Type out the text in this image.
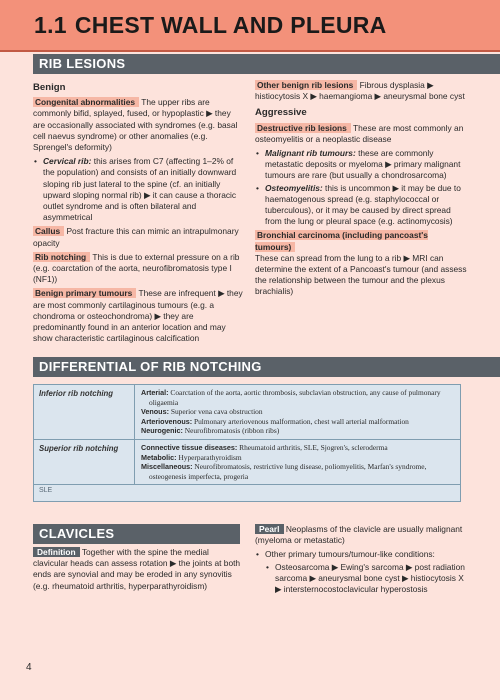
1.1 CHEST WALL AND PLEURA
RIB LESIONS
Benign

Congenital abnormalities The upper ribs are commonly bifid, splayed, fused, or hypoplastic ▶ they are occasionally associated with syndromes (e.g. basal cell naevus syndrome) or other anomalies (e.g. Sprengel's deformity)

• Cervical rib: this arises from C7 (affecting 1–2% of the population) and consists of an initially downward sloping rib just lateral to the spine (cf. an initially upward sloping normal rib) ▶ it can cause a thoracic outlet syndrome and is often bilateral and asymmetrical

Callus Post fracture this can mimic an intrapulmonary opacity

Rib notching This is due to external pressure on a rib (e.g. coarctation of the aorta, neurofibromatosis type I (NF1))

Benign primary tumours These are infrequent ▶ they are most commonly cartilaginous tumours (e.g. a chondroma or osteochondroma) ▶ they are predominantly found in an anterior location and may show characteristic cartilaginous calcification

Other benign rib lesions Fibrous dysplasia ▶ histiocytosis X ▶ haemangioma ▶ aneurysmal bone cyst

Aggressive

Destructive rib lesions These are most commonly an osteomyelitis or a neoplastic disease

• Malignant rib tumours: these are commonly metastatic deposits or myeloma ▶ primary malignant tumours are rare (but usually a chondrosarcoma)
• Osteomyelitis: this is uncommon ▶ it may be due to haematogenous spread (e.g. staphylococcal or tuberculous), or it may be caused by direct spread from the lung or pleural space (e.g. actinomycosis)

Bronchial carcinoma (including pancoast's tumours)
These can spread from the lung to a rib ▶ MRI can determine the extent of a Pancoast's tumour (and assess the relationship between the tumour and the plexus brachialis)

DIFFERENTIAL OF RIB NOTCHING
Inferior rib notching	Arterial: Coarctation of the aorta, aortic thrombosis, subclavian obstruction, any cause of pulmonary oligaemia
Venous: Superior vena cava obstruction
Arteriovenous: Pulmonary arteriovenous malformation, chest wall arterial malformation
Neurogenic: Neurofibromatosis (ribbon ribs)
Superior rib notching	Connective tissue diseases: Rheumatoid arthritis, SLE, Sjogren's, scleroderma
Metabolic: Hyperparathyroidism
Miscellaneous: Neurofibromatosis, restrictive lung disease, poliomyelitis, Marfan's syndrome, osteogenesis imperfecta, progeria
SLE
CLAVICLES

Definition Together with the spine the medial clavicular heads can assess rotation ▶ the joints at both ends are synovial and may be eroded in any synovitis (e.g. rheumatoid arthritis, hyperparathyroidism)

Pearl Neoplasms of the clavicle are usually malignant (myeloma or metastatic)

• Other primary tumours/tumour-like conditions:
• Osteosarcoma ▶ Ewing's sarcoma ▶ post radiation sarcoma ▶ aneurysmal bone cyst ▶ histiocytosis X ▶ intersternocostoclavicular hyperostosis
4
